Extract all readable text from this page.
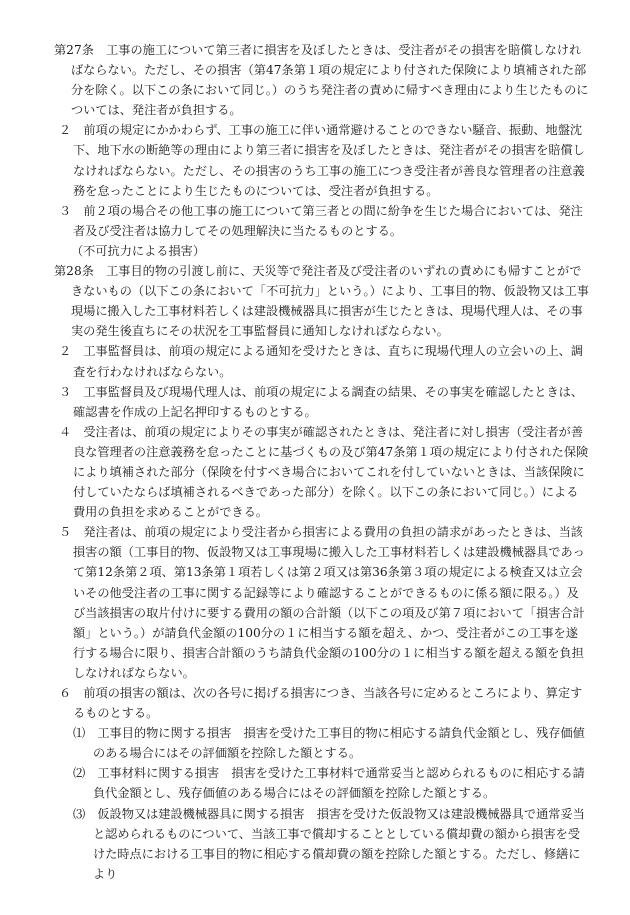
第27条　工事の施工について第三者に損害を及ぼしたときは、受注者がその損害を賠償しなければならない。ただし、その損害（第47条第１項の規定により付された保険により填補された部分を除く。以下この条において同じ。）のうち発注者の責めに帰すべき理由により生じたものについては、発注者が負担する。

２　前項の規定にかかわらず、工事の施工に伴い通常避けることのできない騒音、振動、地盤沈下、地下水の断絶等の理由により第三者に損害を及ぼしたときは、発注者がその損害を賠償しなければならない。ただし、その損害のうち工事の施工につき受注者が善良な管理者の注意義務を怠ったことにより生じたものについては、受注者が負担する。

３　前２項の場合その他工事の施工について第三者との間に紛争を生じた場合においては、発注者及び受注者は協力してその処理解決に当たるものとする。

（不可抗力による損害）

第28条　工事目的物の引渡し前に、天災等で発注者及び受注者のいずれの責めにも帰すことができないもの（以下この条において「不可抗力」という。）により、工事目的物、仮設物又は工事現場に搬入した工事材料若しくは建設機械器具に損害が生じたときは、現場代理人は、その事実の発生後直ちにその状況を工事監督員に通知しなければならない。

２　工事監督員は、前項の規定による通知を受けたときは、直ちに現場代理人の立会いの上、調査を行わなければならない。

３　工事監督員及び現場代理人は、前項の規定による調査の結果、その事実を確認したときは、確認書を作成の上記名押印するものとする。

４　受注者は、前項の規定によりその事実が確認されたときは、発注者に対し損害（受注者が善良な管理者の注意義務を怠ったことに基づくもの及び第47条第１項の規定により付された保険により填補された部分（保険を付すべき場合においてこれを付していないときは、当該保険に付していたならば填補されるべきであった部分）を除く。以下この条において同じ。）による費用の負担を求めることができる。

５　発注者は、前項の規定により受注者から損害による費用の負担の請求があったときは、当該損害の額（工事目的物、仮設物又は工事現場に搬入した工事材料若しくは建設機械器具であって第12条第２項、第13条第１項若しくは第２項又は第36条第３項の規定による検査又は立会いその他受注者の工事に関する記録等により確認することができるものに係る額に限る。）及び当該損害の取片付けに要する費用の額の合計額（以下この項及び第７項において「損害合計額」という。）が請負代金額の100分の１に相当する額を超え、かつ、受注者がこの工事を遂行する場合に限り、損害合計額のうち請負代金額の100分の１に相当する額を超える額を負担しなければならない。

６　前項の損害の額は、次の各号に掲げる損害につき、当該各号に定めるところにより、算定するものとする。

⑴　工事目的物に関する損害　損害を受けた工事目的物に相応する請負代金額とし、残存価値のある場合にはその評価額を控除した額とする。

⑵　工事材料に関する損害　損害を受けた工事材料で通常妥当と認められるものに相応する請負代金額とし、残存価値のある場合にはその評価額を控除した額とする。

⑶　仮設物又は建設機械器具に関する損害　損害を受けた仮設物又は建設機械器具で通常妥当と認められるものについて、当該工事で償却することとしている償却費の額から損害を受けた時点における工事目的物に相応する償却費の額を控除した額とする。ただし、修繕により
